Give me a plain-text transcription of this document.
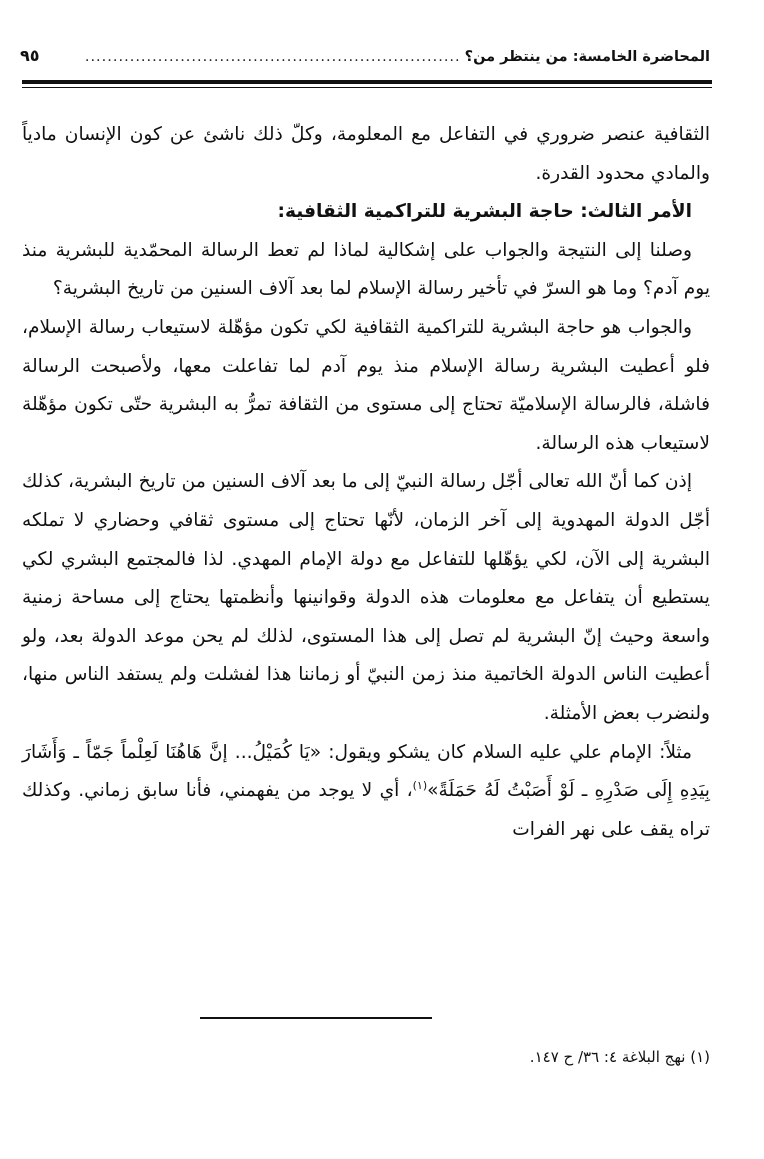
المحاضرة الخامسة: من ينتظر من؟
...................................................................
٩٥

الثقافية عنصر ضروري في التفاعل مع المعلومة، وكلّ ذلك ناشئ عن كون الإنسان مادياً والمادي محدود القدرة.

الأمر الثالث: حاجة البشرية للتراكمية الثقافية:

وصلنا إلى النتيجة والجواب على إشكالية لماذا لم تعط الرسالة المحمّدية للبشرية منذ يوم آدم؟ وما هو السرّ في تأخير رسالة الإسلام لما بعد آلاف السنين من تاريخ البشرية؟

والجواب هو حاجة البشرية للتراكمية الثقافية لكي تكون مؤهّلة لاستيعاب رسالة الإسلام، فلو أعطيت البشرية رسالة الإسلام منذ يوم آدم لما تفاعلت معها، ولأصبحت الرسالة فاشلة، فالرسالة الإسلاميّة تحتاج إلى مستوى من الثقافة تمرُّ به البشرية حتّى تكون مؤهّلة لاستيعاب هذه الرسالة.

إذن كما أنّ الله تعالى أجّل رسالة النبيّ إلى ما بعد آلاف السنين من تاريخ البشرية، كذلك أجّل الدولة المهدوية إلى آخر الزمان، لأنّها تحتاج إلى مستوى ثقافي وحضاري لا تملكه البشرية إلى الآن، لكي يؤهّلها للتفاعل مع دولة الإمام المهدي. لذا فالمجتمع البشري لكي يستطيع أن يتفاعل مع معلومات هذه الدولة وقوانينها وأنظمتها يحتاج إلى مساحة زمنية واسعة وحيث إنّ البشرية لم تصل إلى هذا المستوى، لذلك لم يحن موعد الدولة بعد، ولو أعطيت الناس الدولة الخاتمية منذ زمن النبيّ أو زماننا هذا لفشلت ولم يستفد الناس منها، ولنضرب بعض الأمثلة.

مثلاً: الإمام علي عليه السلام كان يشكو ويقول: «يَا كُمَيْلُ... إنَّ هَاهُنَا لَعِلْماً جَمّاً ـ وَأَشَارَ بِيَدِهِ إِلَى صَدْرِهِ ـ لَوْ أَصَبْتُ لَهُ حَمَلَةً»$^{(١)}$، أي لا يوجد من يفهمني، فأنا سابق زماني. وكذلك تراه يقف على نهر الفرات

(١) نهج البلاغة ٤: ٣٦/ ح ١٤٧.
